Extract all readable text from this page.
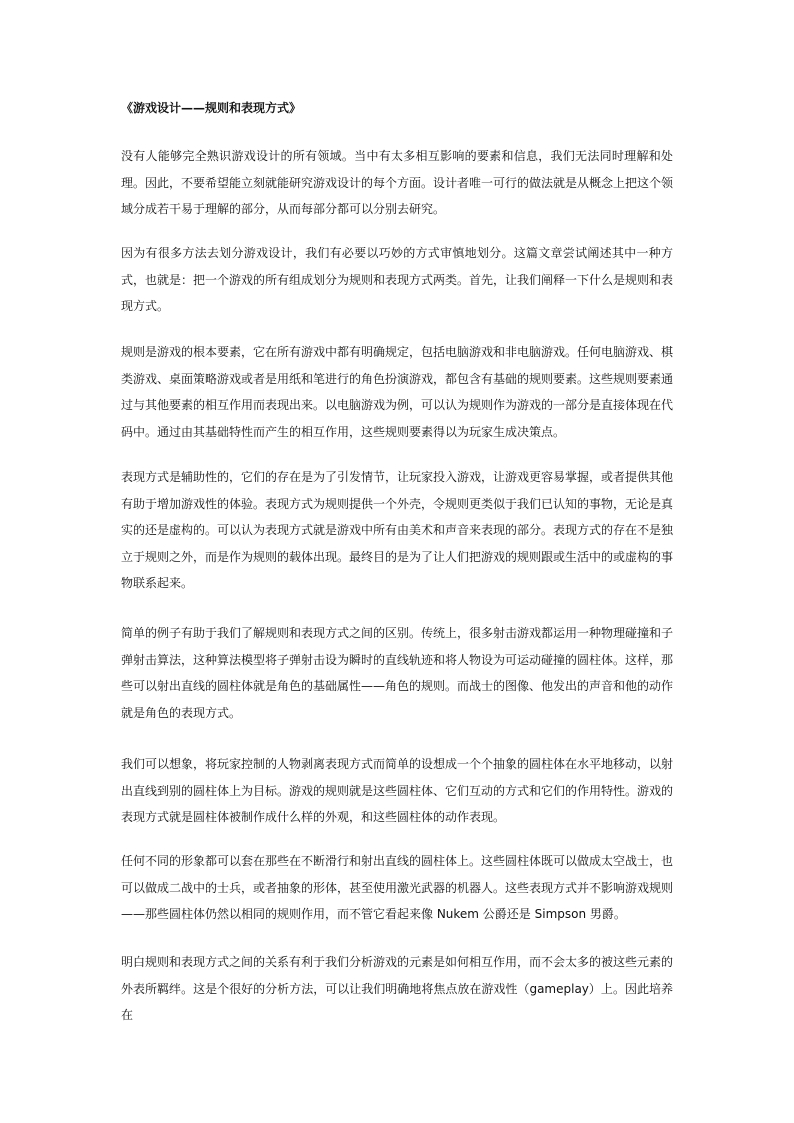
《游戏设计——规则和表现方式》

没有人能够完全熟识游戏设计的所有领域。当中有太多相互影响的要素和信息，我们无法同时理解和处理。因此，不要希望能立刻就能研究游戏设计的每个方面。设计者唯一可行的做法就是从概念上把这个领域分成若干易于理解的部分，从而每部分都可以分别去研究。

因为有很多方法去划分游戏设计，我们有必要以巧妙的方式审慎地划分。这篇文章尝试阐述其中一种方式，也就是：把一个游戏的所有组成划分为规则和表现方式两类。首先，让我们阐释一下什么是规则和表现方式。

规则是游戏的根本要素，它在所有游戏中都有明确规定，包括电脑游戏和非电脑游戏。任何电脑游戏、棋类游戏、桌面策略游戏或者是用纸和笔进行的角色扮演游戏，都包含有基础的规则要素。这些规则要素通过与其他要素的相互作用而表现出来。以电脑游戏为例，可以认为规则作为游戏的一部分是直接体现在代码中。通过由其基础特性而产生的相互作用，这些规则要素得以为玩家生成决策点。

表现方式是辅助性的，它们的存在是为了引发情节，让玩家投入游戏，让游戏更容易掌握，或者提供其他有助于增加游戏性的体验。表现方式为规则提供一个外壳，令规则更类似于我们已认知的事物，无论是真实的还是虚构的。可以认为表现方式就是游戏中所有由美术和声音来表现的部分。表现方式的存在不是独立于规则之外，而是作为规则的载体出现。最终目的是为了让人们把游戏的规则跟或生活中的或虚构的事物联系起来。

简单的例子有助于我们了解规则和表现方式之间的区别。传统上，很多射击游戏都运用一种物理碰撞和子弹射击算法，这种算法模型将子弹射击设为瞬时的直线轨迹和将人物设为可运动碰撞的圆柱体。这样，那些可以射出直线的圆柱体就是角色的基础属性——角色的规则。而战士的图像、他发出的声音和他的动作就是角色的表现方式。

我们可以想象，将玩家控制的人物剥离表现方式而简单的设想成一个个抽象的圆柱体在水平地移动，以射出直线到别的圆柱体上为目标。游戏的规则就是这些圆柱体、它们互动的方式和它们的作用特性。游戏的表现方式就是圆柱体被制作成什么样的外观，和这些圆柱体的动作表现。

任何不同的形象都可以套在那些在不断滑行和射出直线的圆柱体上。这些圆柱体既可以做成太空战士，也可以做成二战中的士兵，或者抽象的形体，甚至使用激光武器的机器人。这些表现方式并不影响游戏规则——那些圆柱体仍然以相同的规则作用，而不管它看起来像 Nukem 公爵还是 Simpson 男爵。

明白规则和表现方式之间的关系有利于我们分析游戏的元素是如何相互作用，而不会太多的被这些元素的外表所羁绊。这是个很好的分析方法，可以让我们明确地将焦点放在游戏性（gameplay）上。因此培养在
